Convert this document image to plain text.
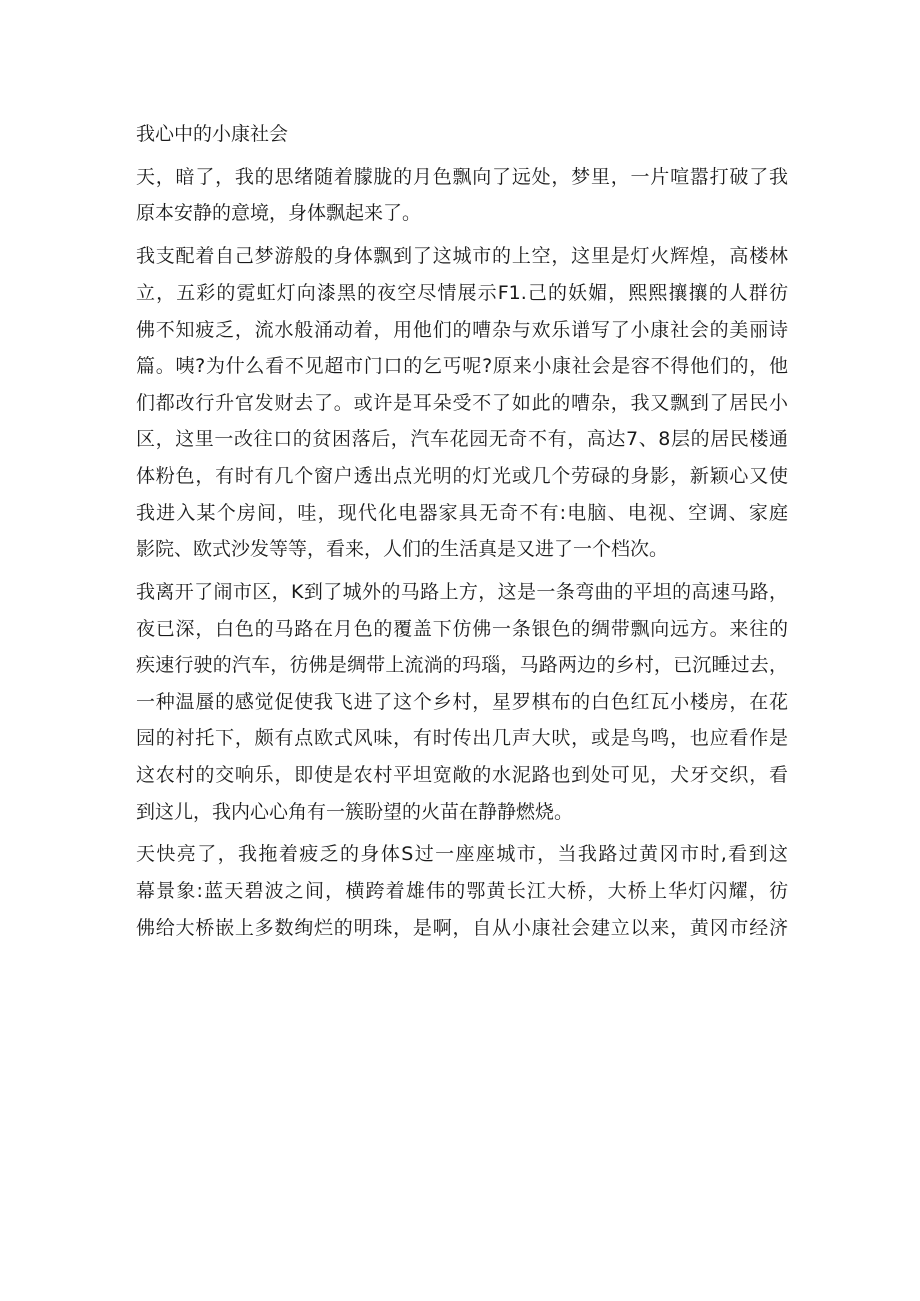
我心中的小康社会
天，暗了，我的思绪随着朦胧的月色飘向了远处，梦里，一片喧嚣打破了我
原本安静的意境，身体飘起来了。
我支配着自己梦游般的身体飘到了这城市的上空，这里是灯火辉煌，高楼林
立，五彩的霓虹灯向漆黑的夜空尽情展示F1.己的妖媚，熙熙攘攘的人群彷
佛不知疲乏，流水般涌动着，用他们的嘈杂与欢乐谱写了小康社会的美丽诗
篇。咦?为什么看不见超市门口的乞丐呢?原来小康社会是容不得他们的，他
们都改行升官发财去了。或许是耳朵受不了如此的嘈杂，我又飘到了居民小
区，这里一改往口的贫困落后，汽车花园无奇不有，高达7、8层的居民楼通
体粉色，有时有几个窗户透出点光明的灯光或几个劳碌的身影，新颖心又使
我进入某个房间，哇，现代化电器家具无奇不有:电脑、电视、空调、家庭
影院、欧式沙发等等，看来，人们的生活真是又进了一个档次。
我离开了闹市区，K到了城外的马路上方，这是一条弯曲的平坦的高速马路，
夜已深，白色的马路在月色的覆盖下仿佛一条银色的绸带飘向远方。来往的
疾速行驶的汽车，彷佛是绸带上流淌的玛瑙，马路两边的乡村，已沉睡过去，
一种温蜃的感觉促使我飞进了这个乡村，星罗棋布的白色红瓦小楼房，在花
园的衬托下，颇有点欧式风味，有时传出几声大吠，或是鸟鸣，也应看作是
这农村的交响乐，即使是农村平坦宽敞的水泥路也到处可见，犬牙交织，看
到这儿，我内心心角有一簇盼望的火苗在静静燃烧。
天快亮了，我拖着疲乏的身体S过一座座城市，当我路过黄冈市时,看到这
幕景象:蓝天碧波之间，横跨着雄伟的鄂黄长江大桥，大桥上华灯闪耀，彷
佛给大桥嵌上多数绚烂的明珠，是啊，自从小康社会建立以来，黄冈市经济
